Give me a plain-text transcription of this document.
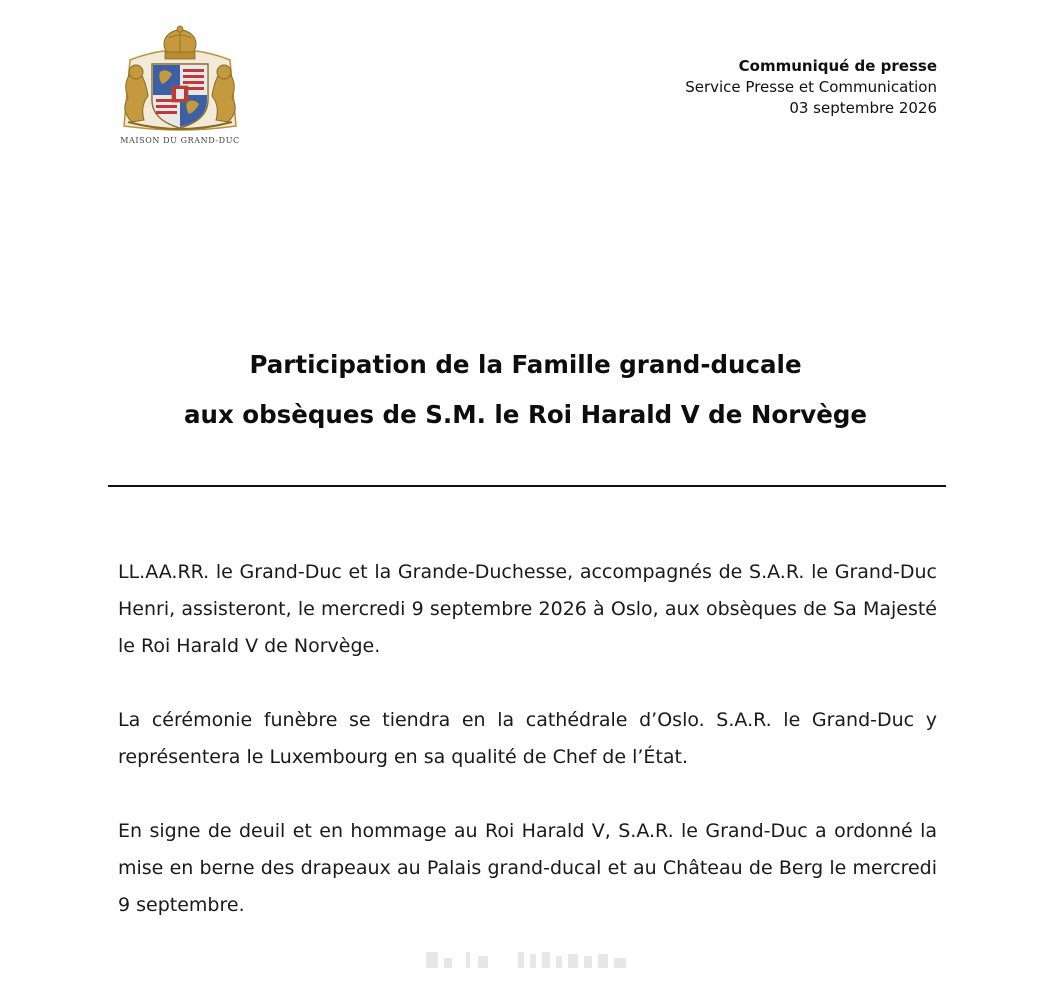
MAISON DU GRAND-DUC
Communiqué de presse
Service Presse et Communication
03 septembre 2026
Participation de la Famille grand-ducale
aux obsèques de S.M. le Roi Harald V de Norvège

LL.AA.RR. le Grand-Duc et la Grande-Duchesse, accompagnés de S.A.R. le Grand-Duc Henri, assisteront, le mercredi 9 septembre 2026 à Oslo, aux obsèques de Sa Majesté le Roi Harald V de Norvège.

La cérémonie funèbre se tiendra en la cathédrale d’Oslo. S.A.R. le Grand-Duc y représentera le Luxembourg en sa qualité de Chef de l’État.

En signe de deuil et en hommage au Roi Harald V, S.A.R. le Grand-Duc a ordonné la mise en berne des drapeaux au Palais grand-ducal et au Château de Berg le mercredi 9 septembre.
